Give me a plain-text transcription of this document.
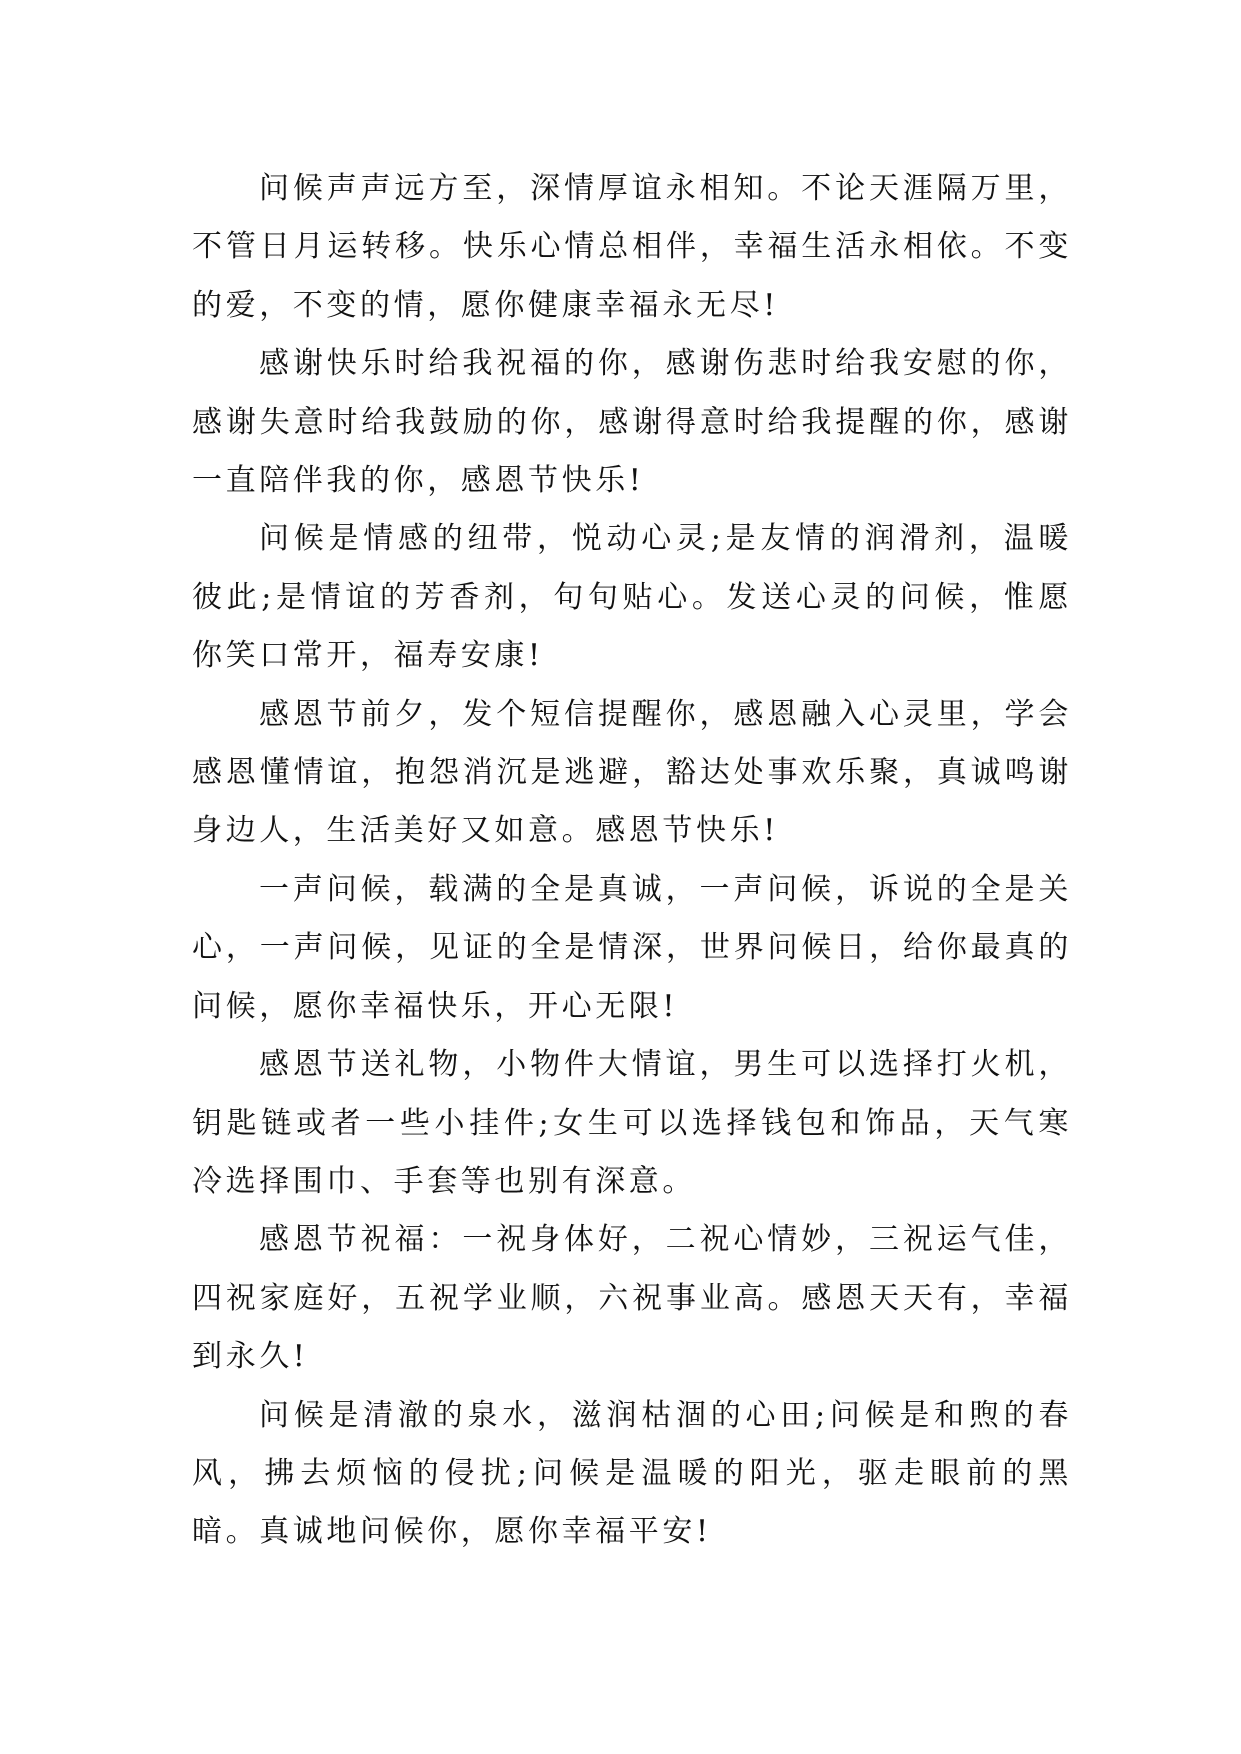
问候声声远方至，深情厚谊永相知。不论天涯隔万里，不管日月运转移。快乐心情总相伴，幸福生活永相依。不变的爱，不变的情，愿你健康幸福永无尽!

感谢快乐时给我祝福的你，感谢伤悲时给我安慰的你，感谢失意时给我鼓励的你，感谢得意时给我提醒的你，感谢一直陪伴我的你，感恩节快乐!

问候是情感的纽带，悦动心灵;是友情的润滑剂，温暖彼此;是情谊的芳香剂，句句贴心。发送心灵的问候，惟愿你笑口常开，福寿安康!

感恩节前夕，发个短信提醒你，感恩融入心灵里，学会感恩懂情谊，抱怨消沉是逃避，豁达处事欢乐聚，真诚鸣谢身边人，生活美好又如意。感恩节快乐!

一声问候，载满的全是真诚，一声问候，诉说的全是关心，一声问候，见证的全是情深，世界问候日，给你最真的问候，愿你幸福快乐，开心无限!

感恩节送礼物，小物件大情谊，男生可以选择打火机，钥匙链或者一些小挂件;女生可以选择钱包和饰品，天气寒冷选择围巾、手套等也别有深意。

感恩节祝福：一祝身体好，二祝心情妙，三祝运气佳，四祝家庭好，五祝学业顺，六祝事业高。感恩天天有，幸福到永久!

问候是清澈的泉水，滋润枯涸的心田;问候是和煦的春风，拂去烦恼的侵扰;问候是温暖的阳光，驱走眼前的黑暗。真诚地问候你，愿你幸福平安!
